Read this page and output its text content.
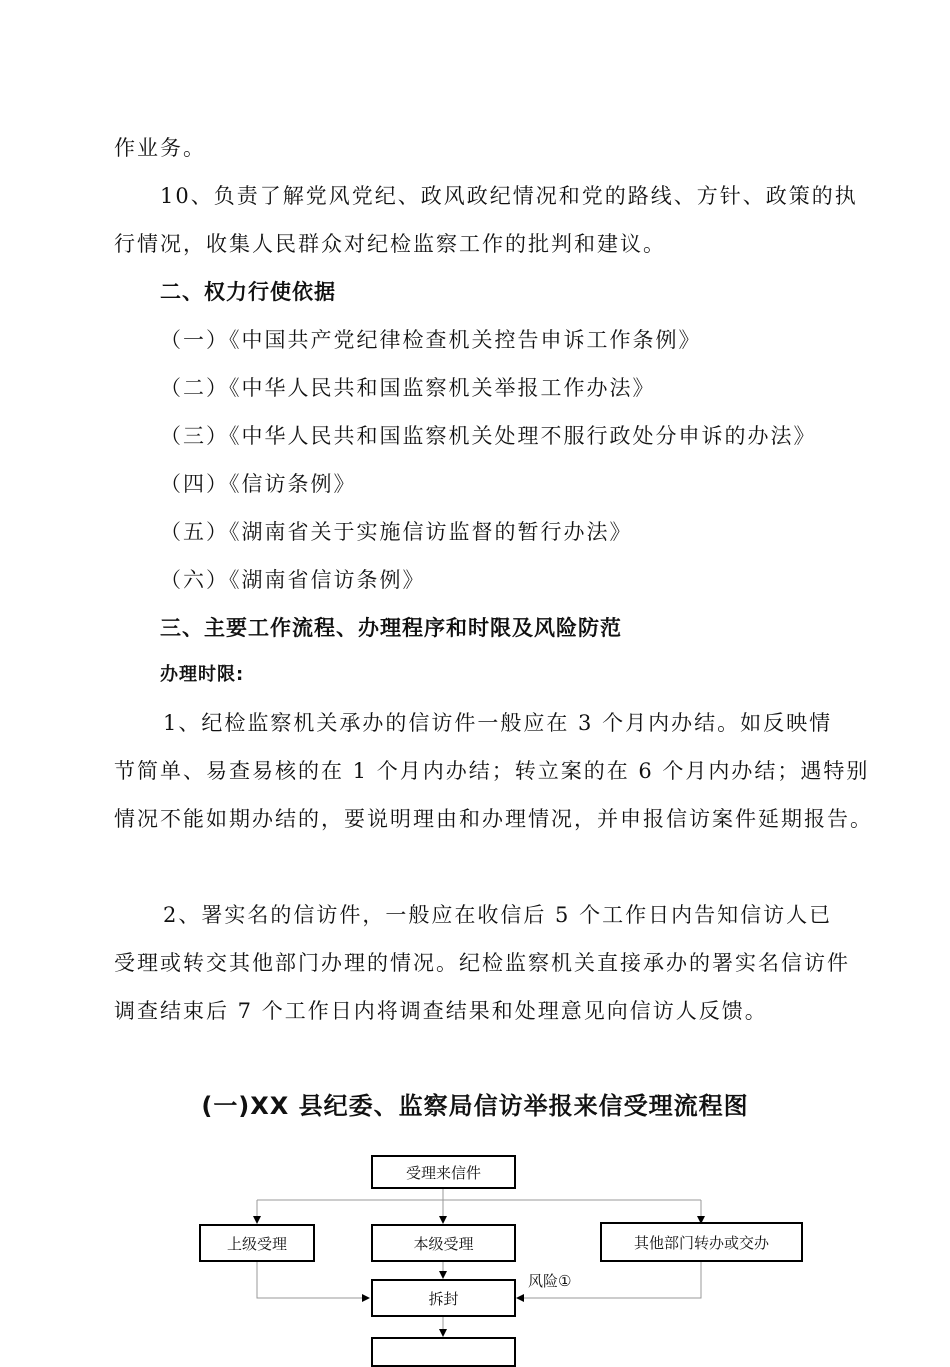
作业务。
10、负责了解党风党纪、政风政纪情况和党的路线、方针、政策的执
行情况，收集人民群众对纪检监察工作的批判和建议。
二、权力行使依据
（一）《中国共产党纪律检查机关控告申诉工作条例》
（二）《中华人民共和国监察机关举报工作办法》
（三）《中华人民共和国监察机关处理不服行政处分申诉的办法》
（四）《信访条例》
（五）《湖南省关于实施信访监督的暂行办法》
（六）《湖南省信访条例》
三、主要工作流程、办理程序和时限及风险防范
办理时限:
1、纪检监察机关承办的信访件一般应在 3 个月内办结。如反映情
节简单、易查易核的在 1 个月内办结；转立案的在 6 个月内办结；遇特别
情况不能如期办结的，要说明理由和办理情况，并申报信访案件延期报告。
2、署实名的信访件，一般应在收信后 5 个工作日内告知信访人已
受理或转交其他部门办理的情况。纪检监察机关直接承办的署实名信访件
调查结束后 7 个工作日内将调查结果和处理意见向信访人反馈。
(一)XX 县纪委、监察局信访举报来信受理流程图
受理来信件
上级受理	本级受理	其他部门转办或交办
拆封
风险①
